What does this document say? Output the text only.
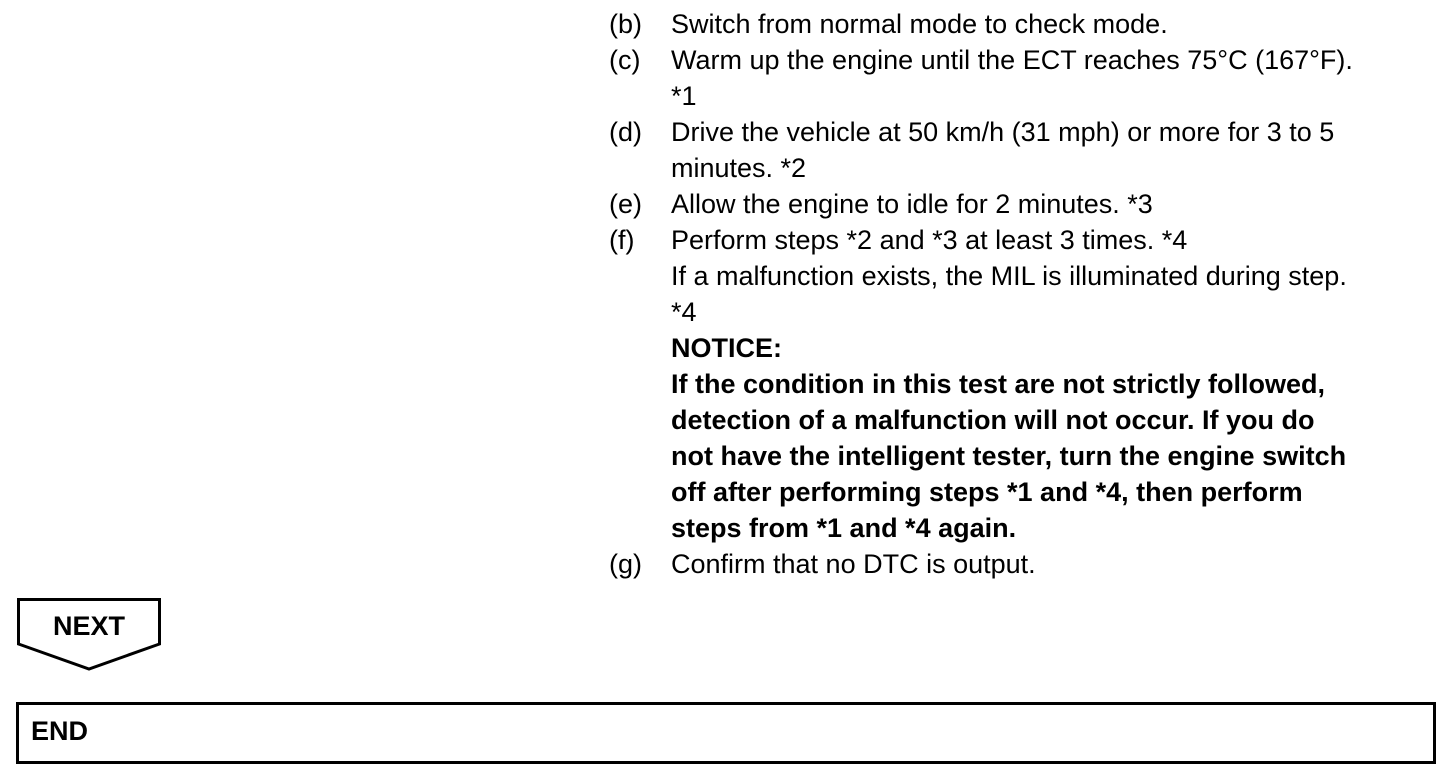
(b)	Switch from normal mode to check mode.
(c)	Warm up the engine until the ECT reaches 75°C (167°F).
*1
(d)	Drive the vehicle at 50 km/h (31 mph) or more for 3 to 5
minutes. *2
(e)	Allow the engine to idle for 2 minutes. *3
(f)	Perform steps *2 and *3 at least 3 times. *4
If a malfunction exists, the MIL is illuminated during step.
*4
NOTICE:
If the condition in this test are not strictly followed,
detection of a malfunction will not occur. If you do
not have the intelligent tester, turn the engine switch
off after performing steps *1 and *4, then perform
steps from *1 and *4 again.
(g)	Confirm that no DTC is output.
NEXT
END
